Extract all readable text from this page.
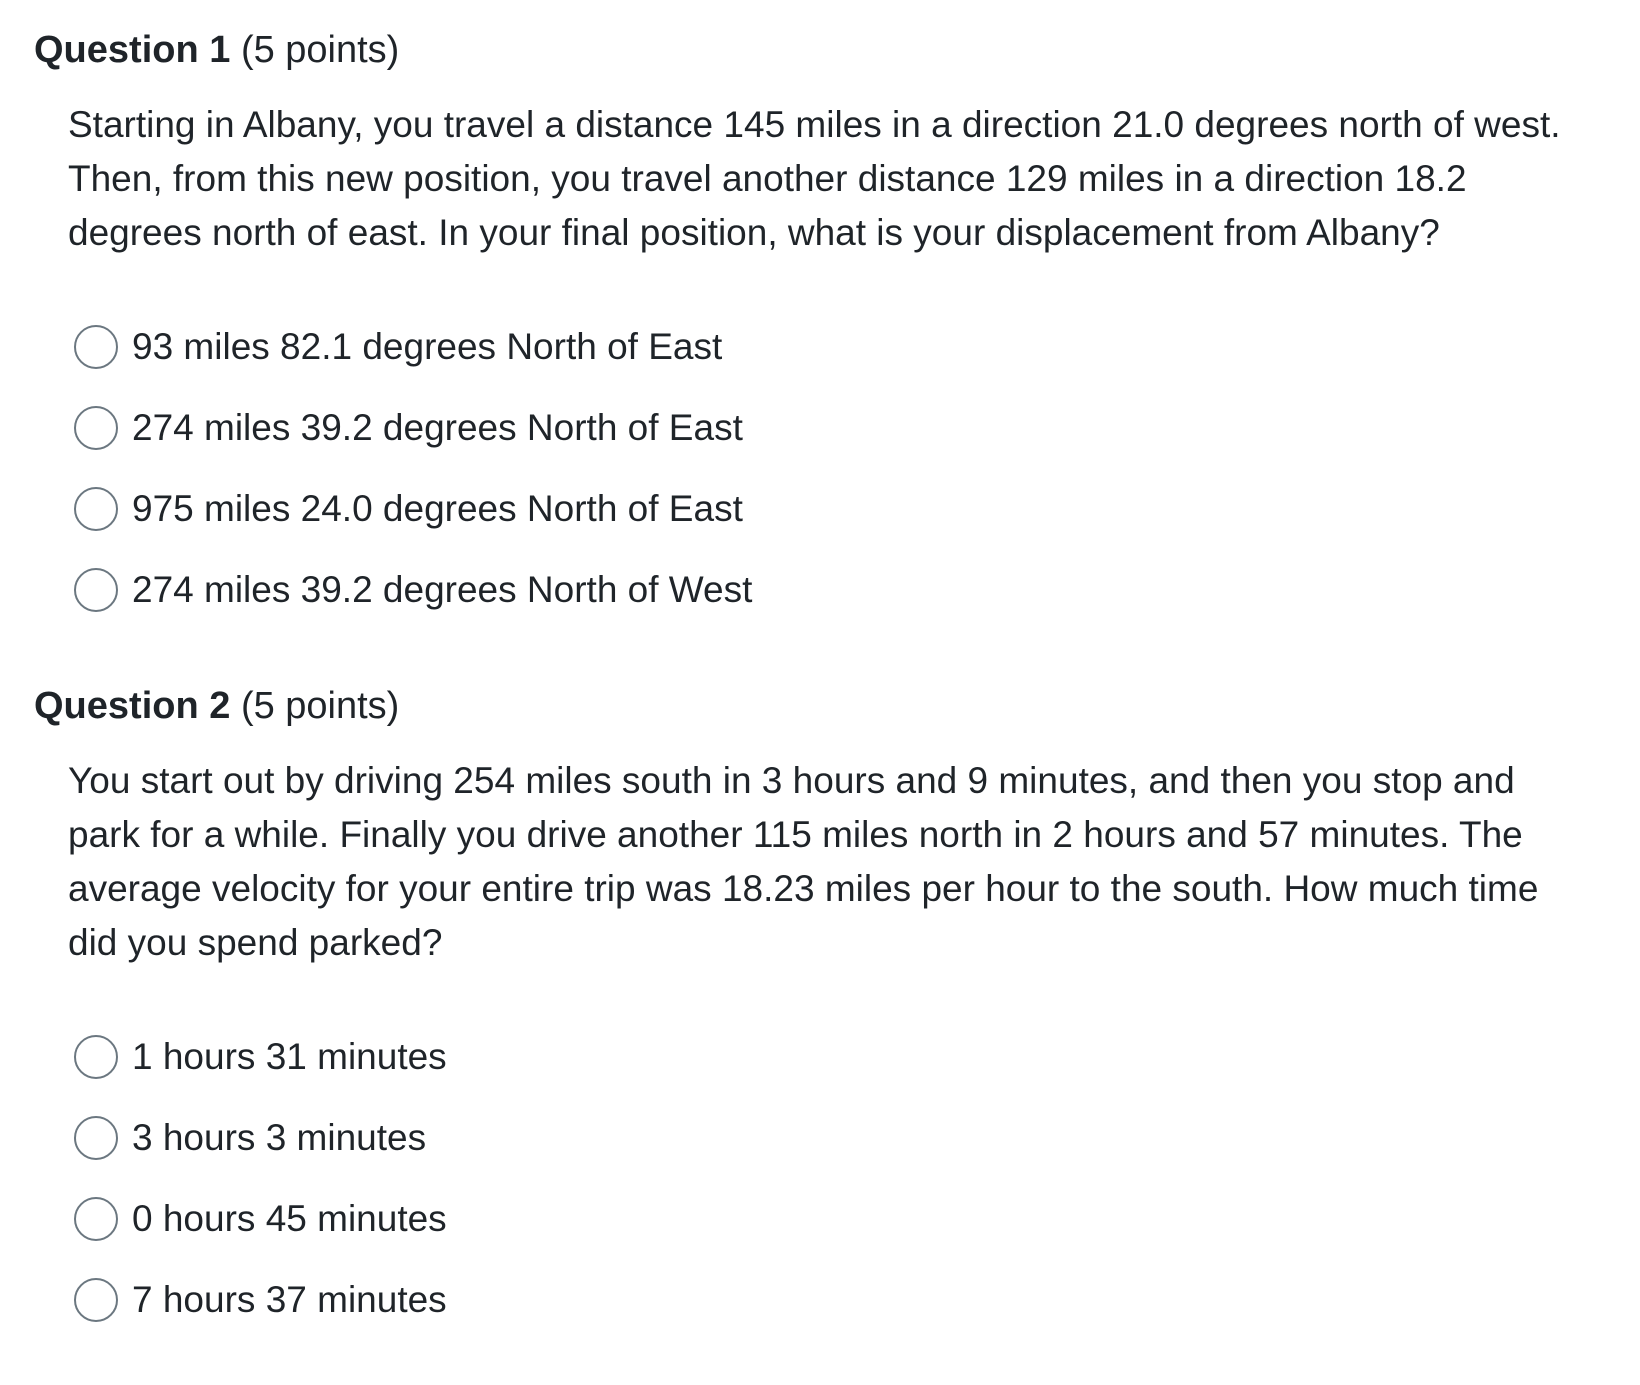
Question 1 (5 points)

Starting in Albany, you travel a distance 145 miles in a direction 21.0 degrees north of west. Then, from this new position, you travel another distance 129 miles in a direction 18.2 degrees north of east. In your final position, what is your displacement from Albany?

93 miles 82.1 degrees North of East
274 miles 39.2 degrees North of East
975 miles 24.0 degrees North of East
274 miles 39.2 degrees North of West
Question 2 (5 points)

You start out by driving 254 miles south in 3 hours and 9 minutes, and then you stop and park for a while. Finally you drive another 115 miles north in 2 hours and 57 minutes. The average velocity for your entire trip was 18.23 miles per hour to the south. How much time did you spend parked?

1 hours 31 minutes
3 hours 3 minutes
0 hours 45 minutes
7 hours 37 minutes
